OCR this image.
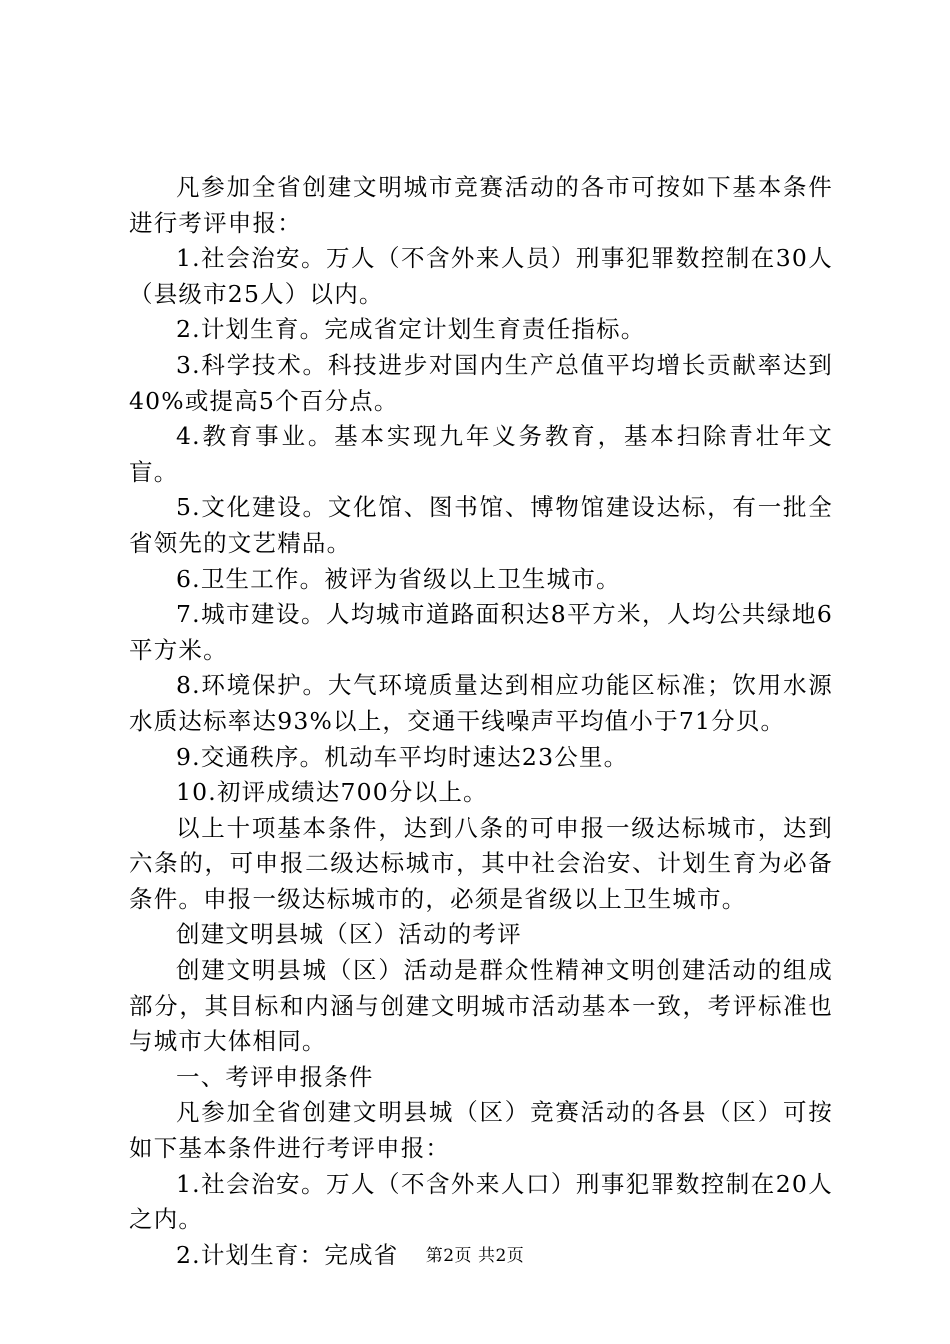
凡参加全省创建文明城市竞赛活动的各市可按如下基本条件进行考评申报：

1.社会治安。万人（不含外来人员）刑事犯罪数控制在30人（县级市25人）以内。

2.计划生育。完成省定计划生育责任指标。

3.科学技术。科技进步对国内生产总值平均增长贡献率达到40%或提高5个百分点。

4.教育事业。基本实现九年义务教育，基本扫除青壮年文盲。

5.文化建设。文化馆、图书馆、博物馆建设达标，有一批全省领先的文艺精品。

6.卫生工作。被评为省级以上卫生城市。

7.城市建设。人均城市道路面积达8平方米，人均公共绿地6平方米。

8.环境保护。大气环境质量达到相应功能区标准；饮用水源水质达标率达93%以上，交通干线噪声平均值小于71分贝。

9.交通秩序。机动车平均时速达23公里。

10.初评成绩达700分以上。

以上十项基本条件，达到八条的可申报一级达标城市，达到六条的，可申报二级达标城市，其中社会治安、计划生育为必备条件。申报一级达标城市的，必须是省级以上卫生城市。

创建文明县城（区）活动的考评

创建文明县城（区）活动是群众性精神文明创建活动的组成部分，其目标和内涵与创建文明城市活动基本一致，考评标准也与城市大体相同。

一、考评申报条件

凡参加全省创建文明县城（区）竞赛活动的各县（区）可按如下基本条件进行考评申报：

1.社会治安。万人（不含外来人口）刑事犯罪数控制在20人之内。

2.计划生育：完成省	第2页 共2页
